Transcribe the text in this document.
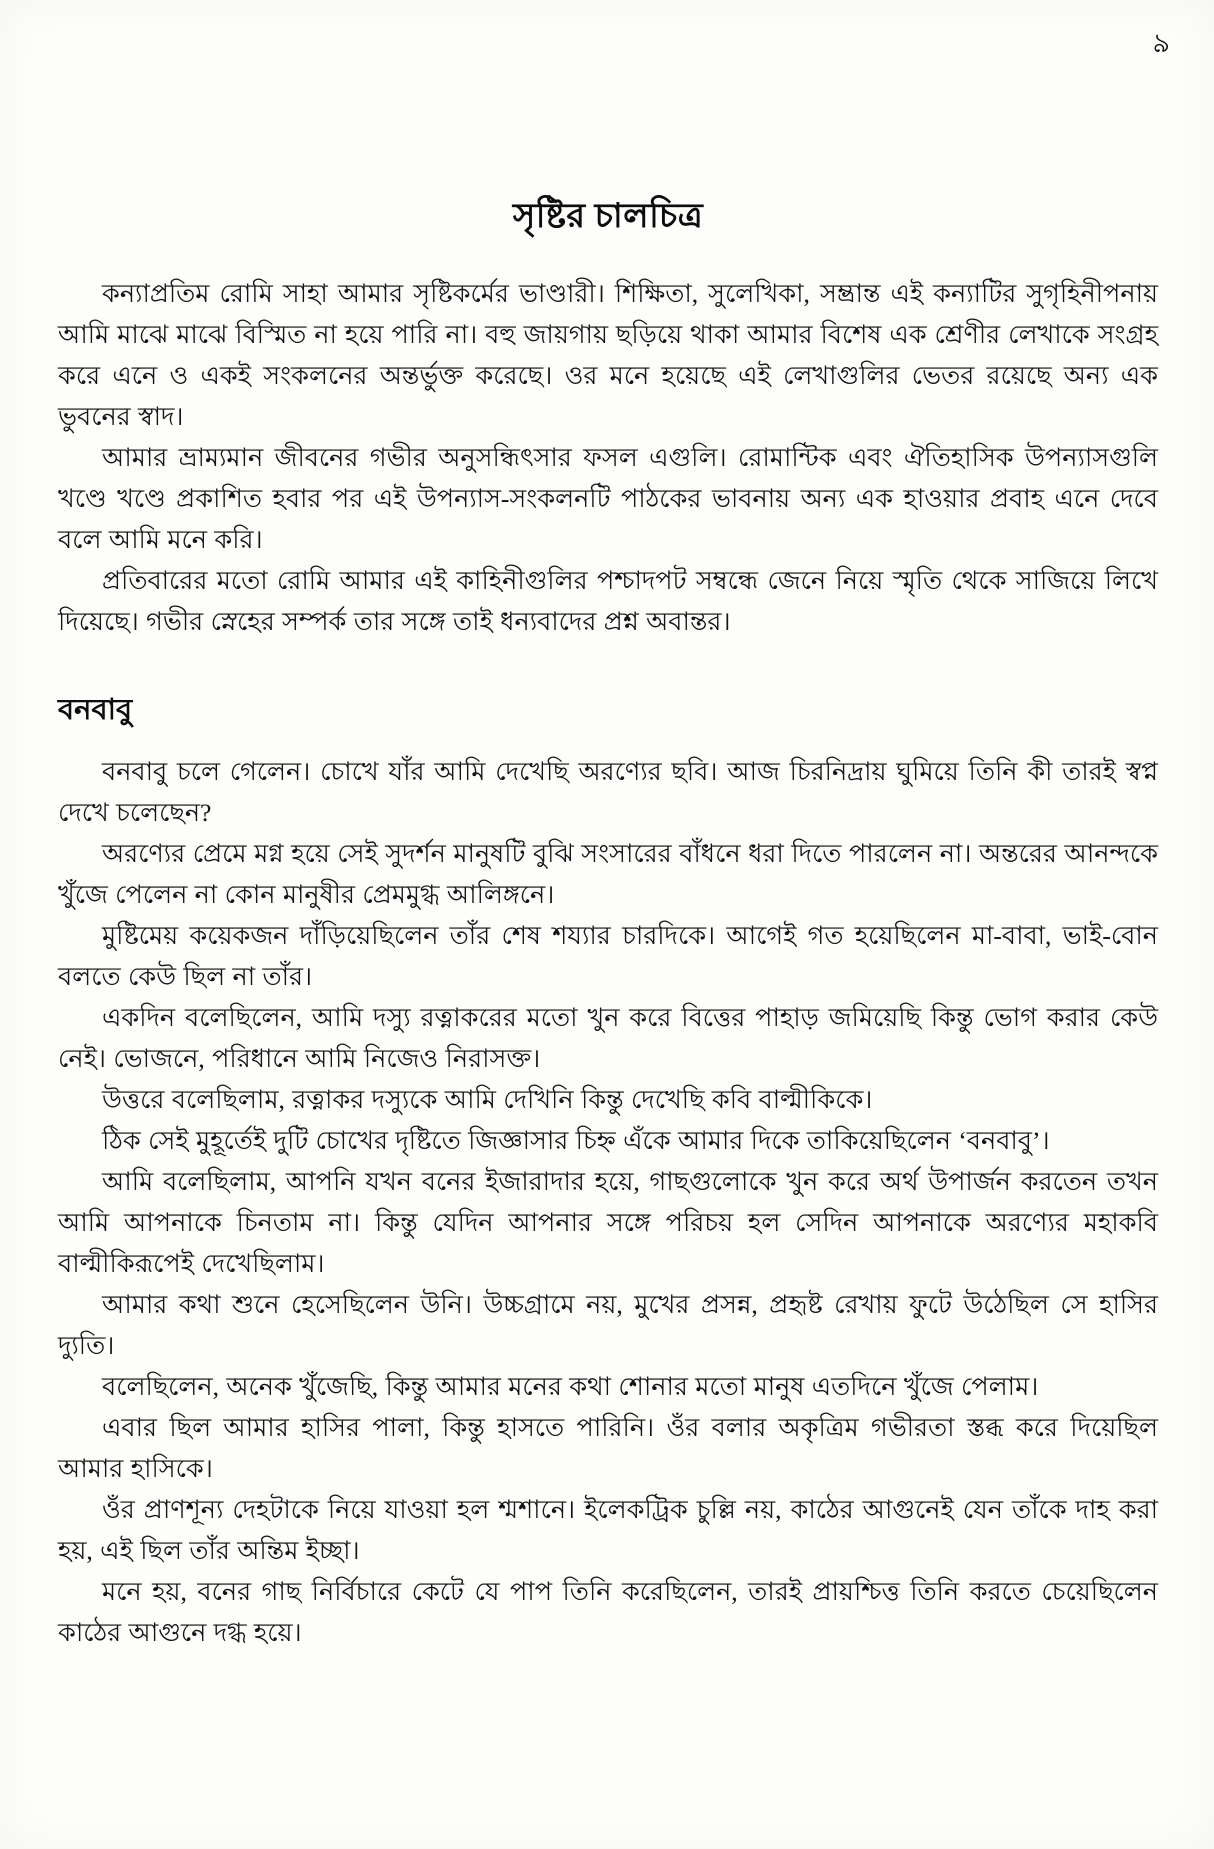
৯
সৃষ্টির চালচিত্র

কন্যাপ্রতিম রোমি সাহা আমার সৃষ্টিকর্মের ভাণ্ডারী। শিক্ষিতা, সুলেখিকা, সম্ভ্রান্ত এই কন্যাটির সুগৃহিনীপনায় আমি মাঝে মাঝে বিস্মিত না হয়ে পারি না। বহু জায়গায় ছড়িয়ে থাকা আমার বিশেষ এক শ্রেণীর লেখাকে সংগ্রহ করে এনে ও একই সংকলনের অন্তর্ভুক্ত করেছে। ওর মনে হয়েছে এই লেখাগুলির ভেতর রয়েছে অন্য এক ভুবনের স্বাদ।

আমার ভ্রাম্যমান জীবনের গভীর অনুসন্ধিৎসার ফসল এগুলি। রোমান্টিক এবং ঐতিহাসিক উপন্যাসগুলি খণ্ডে খণ্ডে প্রকাশিত হবার পর এই উপন্যাস-সংকলনটি পাঠকের ভাবনায় অন্য এক হাওয়ার প্রবাহ এনে দেবে বলে আমি মনে করি।

প্রতিবারের মতো রোমি আমার এই কাহিনীগুলির পশ্চাদপট সম্বন্ধে জেনে নিয়ে স্মৃতি থেকে সাজিয়ে লিখে দিয়েছে। গভীর স্নেহের সম্পর্ক তার সঙ্গে তাই ধন্যবাদের প্রশ্ন অবান্তর।

বনবাবু

বনবাবু চলে গেলেন। চোখে যাঁর আমি দেখেছি অরণ্যের ছবি। আজ চিরনিদ্রায় ঘুমিয়ে তিনি কী তারই স্বপ্ন দেখে চলেছেন?

অরণ্যের প্রেমে মগ্ন হয়ে সেই সুদর্শন মানুষটি বুঝি সংসারের বাঁধনে ধরা দিতে পারলেন না। অন্তরের আনন্দকে খুঁজে পেলেন না কোন মানুষীর প্রেমমুগ্ধ আলিঙ্গনে।

মুষ্টিমেয় কয়েকজন দাঁড়িয়েছিলেন তাঁর শেষ শয্যার চারদিকে। আগেই গত হয়েছিলেন মা-বাবা, ভাই-বোন বলতে কেউ ছিল না তাঁর।

একদিন বলেছিলেন, আমি দস্যু রত্নাকরের মতো খুন করে বিত্তের পাহাড় জমিয়েছি কিন্তু ভোগ করার কেউ নেই। ভোজনে, পরিধানে আমি নিজেও নিরাসক্ত।

উত্তরে বলেছিলাম, রত্নাকর দস্যুকে আমি দেখিনি কিন্তু দেখেছি কবি বাল্মীকিকে।

ঠিক সেই মুহূর্তেই দুটি চোখের দৃষ্টিতে জিজ্ঞাসার চিহ্ন এঁকে আমার দিকে তাকিয়েছিলেন ‘বনবাবু’।

আমি বলেছিলাম, আপনি যখন বনের ইজারাদার হয়ে, গাছগুলোকে খুন করে অর্থ উপার্জন করতেন তখন আমি আপনাকে চিনতাম না। কিন্তু যেদিন আপনার সঙ্গে পরিচয় হল সেদিন আপনাকে অরণ্যের মহাকবি বাল্মীকিরূপেই দেখেছিলাম।

আমার কথা শুনে হেসেছিলেন উনি। উচ্চগ্রামে নয়, মুখের প্রসন্ন, প্রহৃষ্ট রেখায় ফুটে উঠেছিল সে হাসির দ্যুতি।

বলেছিলেন, অনেক খুঁজেছি, কিন্তু আমার মনের কথা শোনার মতো মানুষ এতদিনে খুঁজে পেলাম।

এবার ছিল আমার হাসির পালা, কিন্তু হাসতে পারিনি। ওঁর বলার অকৃত্রিম গভীরতা স্তব্ধ করে দিয়েছিল আমার হাসিকে।

ওঁর প্রাণশূন্য দেহটাকে নিয়ে যাওয়া হল শ্মশানে। ইলেকট্রিক চুল্লি নয়, কাঠের আগুনেই যেন তাঁকে দাহ করা হয়, এই ছিল তাঁর অন্তিম ইচ্ছা।

মনে হয়, বনের গাছ নির্বিচারে কেটে যে পাপ তিনি করেছিলেন, তারই প্রায়শ্চিত্ত তিনি করতে চেয়েছিলেন কাঠের আগুনে দগ্ধ হয়ে।
